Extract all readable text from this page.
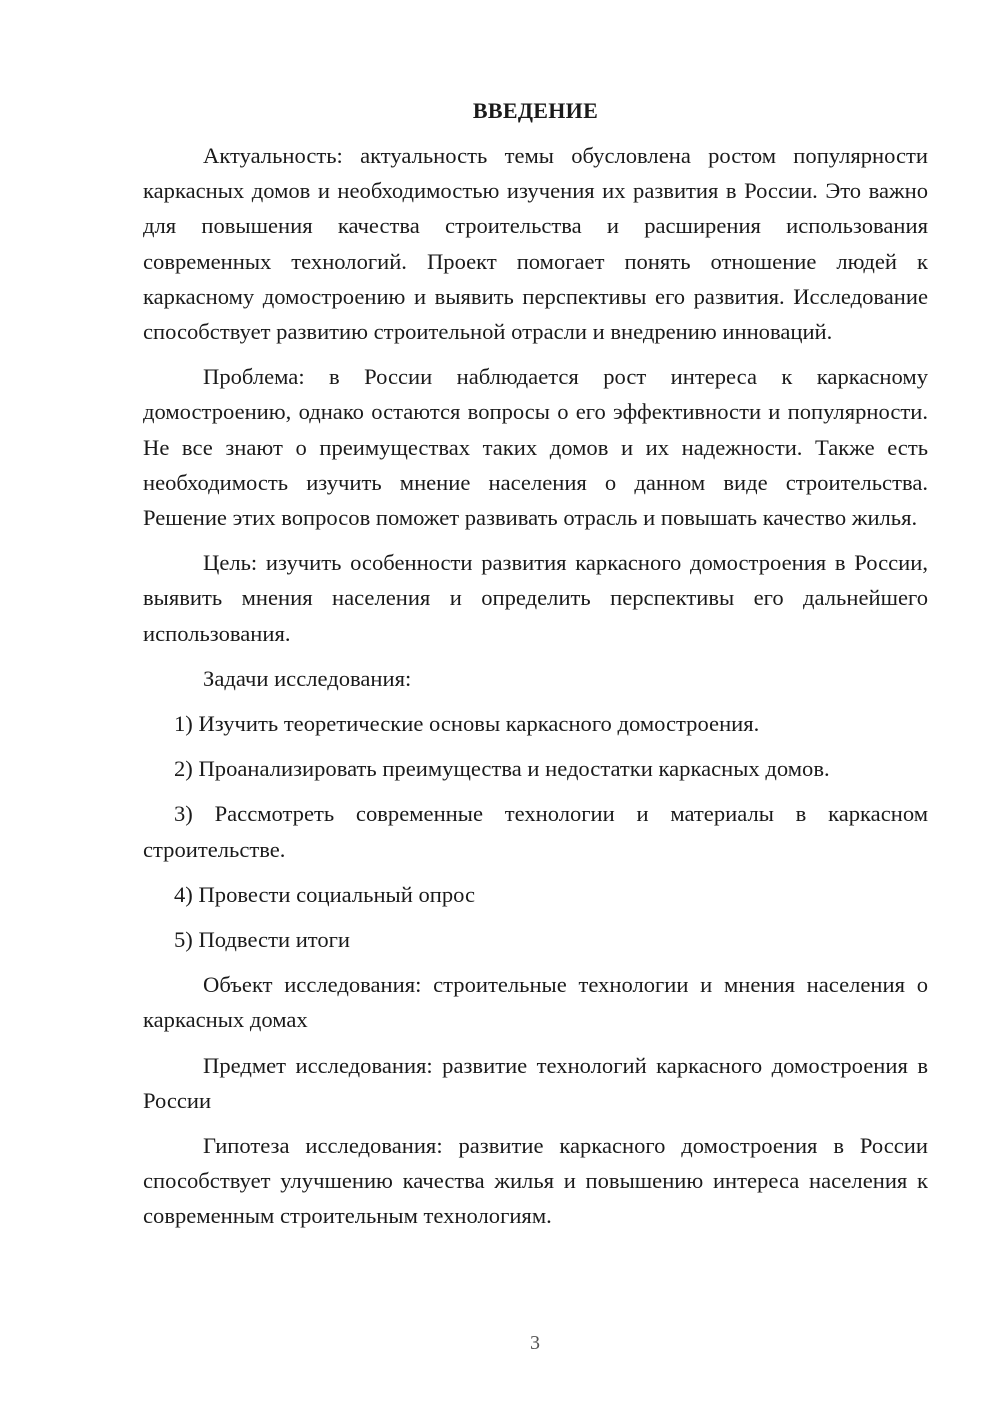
ВВЕДЕНИЕ
Актуальность: актуальность темы обусловлена ростом популярности каркасных домов и необходимостью изучения их развития в России. Это важно для повышения качества строительства и расширения использования современных технологий. Проект помогает понять отношение людей к каркасному домостроению и выявить перспективы его развития. Исследование способствует развитию строительной отрасли и внедрению инноваций.
Проблема: в России наблюдается рост интереса к каркасному домостроению, однако остаются вопросы о его эффективности и популярности. Не все знают о преимуществах таких домов и их надежности. Также есть необходимость изучить мнение населения о данном виде строительства. Решение этих вопросов поможет развивать отрасль и повышать качество жилья.
Цель: изучить особенности развития каркасного домостроения в России, выявить мнения населения и определить перспективы его дальнейшего использования.
Задачи исследования:
1) Изучить теоретические основы каркасного домостроения.
2) Проанализировать преимущества и недостатки каркасных домов.
3) Рассмотреть современные технологии и материалы в каркасном строительстве.
4) Провести социальный опрос
5) Подвести итоги
Объект исследования: строительные технологии и мнения населения о каркасных домах
Предмет исследования: развитие технологий каркасного домостроения в России
Гипотеза исследования: развитие каркасного домостроения в России способствует улучшению качества жилья и повышению интереса населения к современным строительным технологиям.
3
